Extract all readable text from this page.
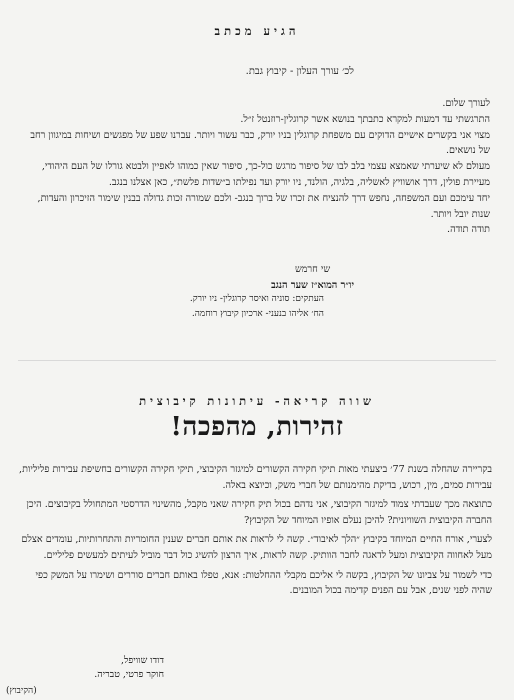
הגיע מכתב
לכ׳ עורך העלון - קיבוץ גבת.

לעורך שלום.

התרגשתי עד דמעות למקרא כתבתך בנושא אשר קרוגלין-רוזנטל ז״ל.

מצוי אני בקשרים אישיים הדוקים עם משפחת קרוגלין בניו יורק, כבר עשור ויותר. עברנו שפע של מפגשים ושיחות במיגוון רחב של נושאים.

מעולם לא שיערתי שאמצא עצמי בלב לבו של סיפור מרגש כול-כך, סיפור שאין כמוהו לאפיין ולבטא גורלו של העם היהודי, מעיירת פולין, דרך אושוויץ לאשליה, בלגיה, הולנד, ניו יורק ועד נפילתו ב״שדות פלשת״, כאן אצלנו בנגב.

יחד עימכם ועם המשפחה, נחפש דרך להנציח את זכרו של ברוך בנגב- ולכם שמורה זכות גדולה בבנין שימור הזיכרון והעדות, שנות יובל ויותר.

תודה תודה.

שי חרמש
יו״ר המוא״ז שער הנגב
העתקים: סוניה ואיסר קרוגלין- ניו יורק.
הח׳ אליהו בנעני- ארכיון קיבוץ רוחמה.
שווה קריאה- עיתונות קיבוצית
זהירות, מהפכה!

בקריירה שהחלה בשנת 77׳ ביצעתי מאות תיקי חקירה הקשורים למיגזר הקיבוצי, תיקי חקירה הקשורים בחשיפת עבירות פליליות, עבירות סמים, מין, רכוש, בדיקת מהימנותם של חברי משק, וכיוצא באלה.

כתוצאה מכך שעבדתי צמוד למיגזר הקיבוצי, אני נדהם בכול תיק חקירה שאני מקבל, מהשינוי הדרסטי המתחולל בקיבוצים. היכן החברה הקיבוצית השוויונית? להיכן נעלם אופיו המיוחד של הקיבוץ?

לצערי, אורח החיים המיוחד בקיבוץ ״הלך לאיבוד״. קשה לי לראות את אותם חברים שענין החומריות והתחרותיות, עומדים אצלם מעל לאחווה הקיבוצית ומעל לדאגה לחבר הוותיק. קשה לראות, איך הרצון להשיג כול דבר מוביל לעיתים למעשים פליליים.

כדי לשמור על צביונו של הקיבוץ, בקשה לי אליכם מקבלי ההחלטות: אנא, טפלו באותם חברים סוררים ושימרו על המשק כפי שהיה לפני שנים, אבל עם הפנים קדימה בכול המובנים.

דודו שוויפל,
חוקר פרטי, טבריה.
(הקיבוץ)
